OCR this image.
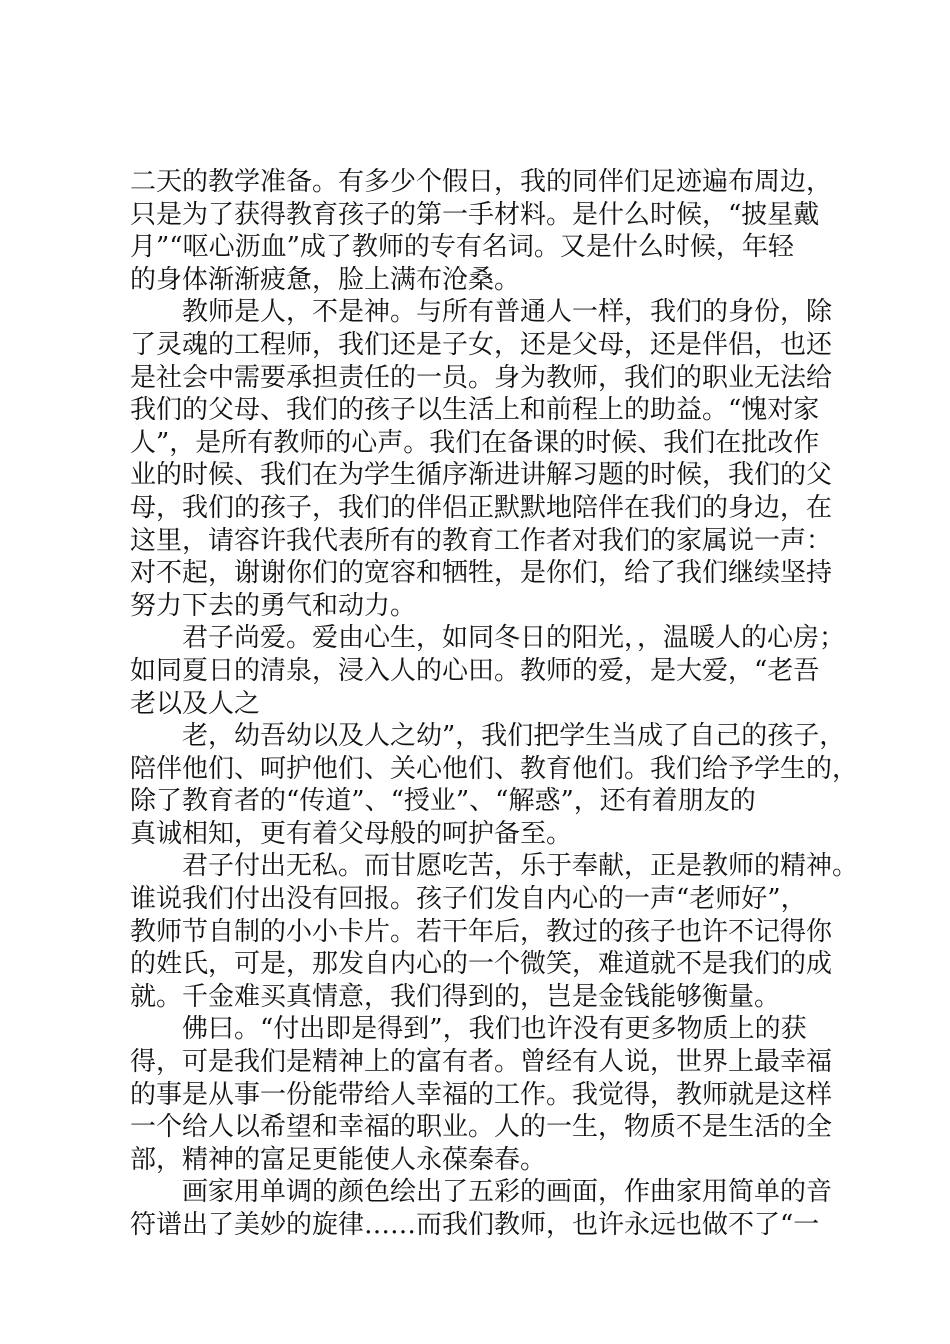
二天的教学准备。有多少个假日，我的同伴们足迹遍布周边，
只是为了获得教育孩子的第一手材料。是什么时候，“披星戴
月”“呕心沥血”成了教师的专有名词。又是什么时候，年轻
的身体渐渐疲惫，脸上满布沧桑。
教师是人，不是神。与所有普通人一样，我们的身份，除
了灵魂的工程师，我们还是子女，还是父母，还是伴侣，也还
是社会中需要承担责任的一员。身为教师，我们的职业无法给
我们的父母、我们的孩子以生活上和前程上的助益。“愧对家
人”，是所有教师的心声。我们在备课的时候、我们在批改作
业的时候、我们在为学生循序渐进讲解习题的时候，我们的父
母，我们的孩子，我们的伴侣正默默地陪伴在我们的身边，在
这里，请容许我代表所有的教育工作者对我们的家属说一声：
对不起，谢谢你们的宽容和牺牲，是你们，给了我们继续坚持
努力下去的勇气和动力。
君子尚爱。爱由心生，如同冬日的阳光，，温暖人的心房；
如同夏日的清泉，浸入人的心田。教师的爱，是大爱，“老吾
老以及人之
老，幼吾幼以及人之幼”，我们把学生当成了自己的孩子，
陪伴他们、呵护他们、关心他们、教育他们。我们给予学生的，
除了教育者的“传道”、“授业”、“解惑”，还有着朋友的
真诚相知，更有着父母般的呵护备至。
君子付出无私。而甘愿吃苦，乐于奉献，正是教师的精神。
谁说我们付出没有回报。孩子们发自内心的一声“老师好”，
教师节自制的小小卡片。若干年后，教过的孩子也许不记得你
的姓氏，可是，那发自内心的一个微笑，难道就不是我们的成
就。千金难买真情意，我们得到的，岂是金钱能够衡量。
佛曰。“付出即是得到”，我们也许没有更多物质上的获
得，可是我们是精神上的富有者。曾经有人说，世界上最幸福
的事是从事一份能带给人幸福的工作。我觉得，教师就是这样
一个给人以希望和幸福的职业。人的一生，物质不是生活的全
部，精神的富足更能使人永葆秦春。
画家用单调的颜色绘出了五彩的画面，作曲家用简单的音
符谱出了美妙的旋律……而我们教师，也许永远也做不了“一
